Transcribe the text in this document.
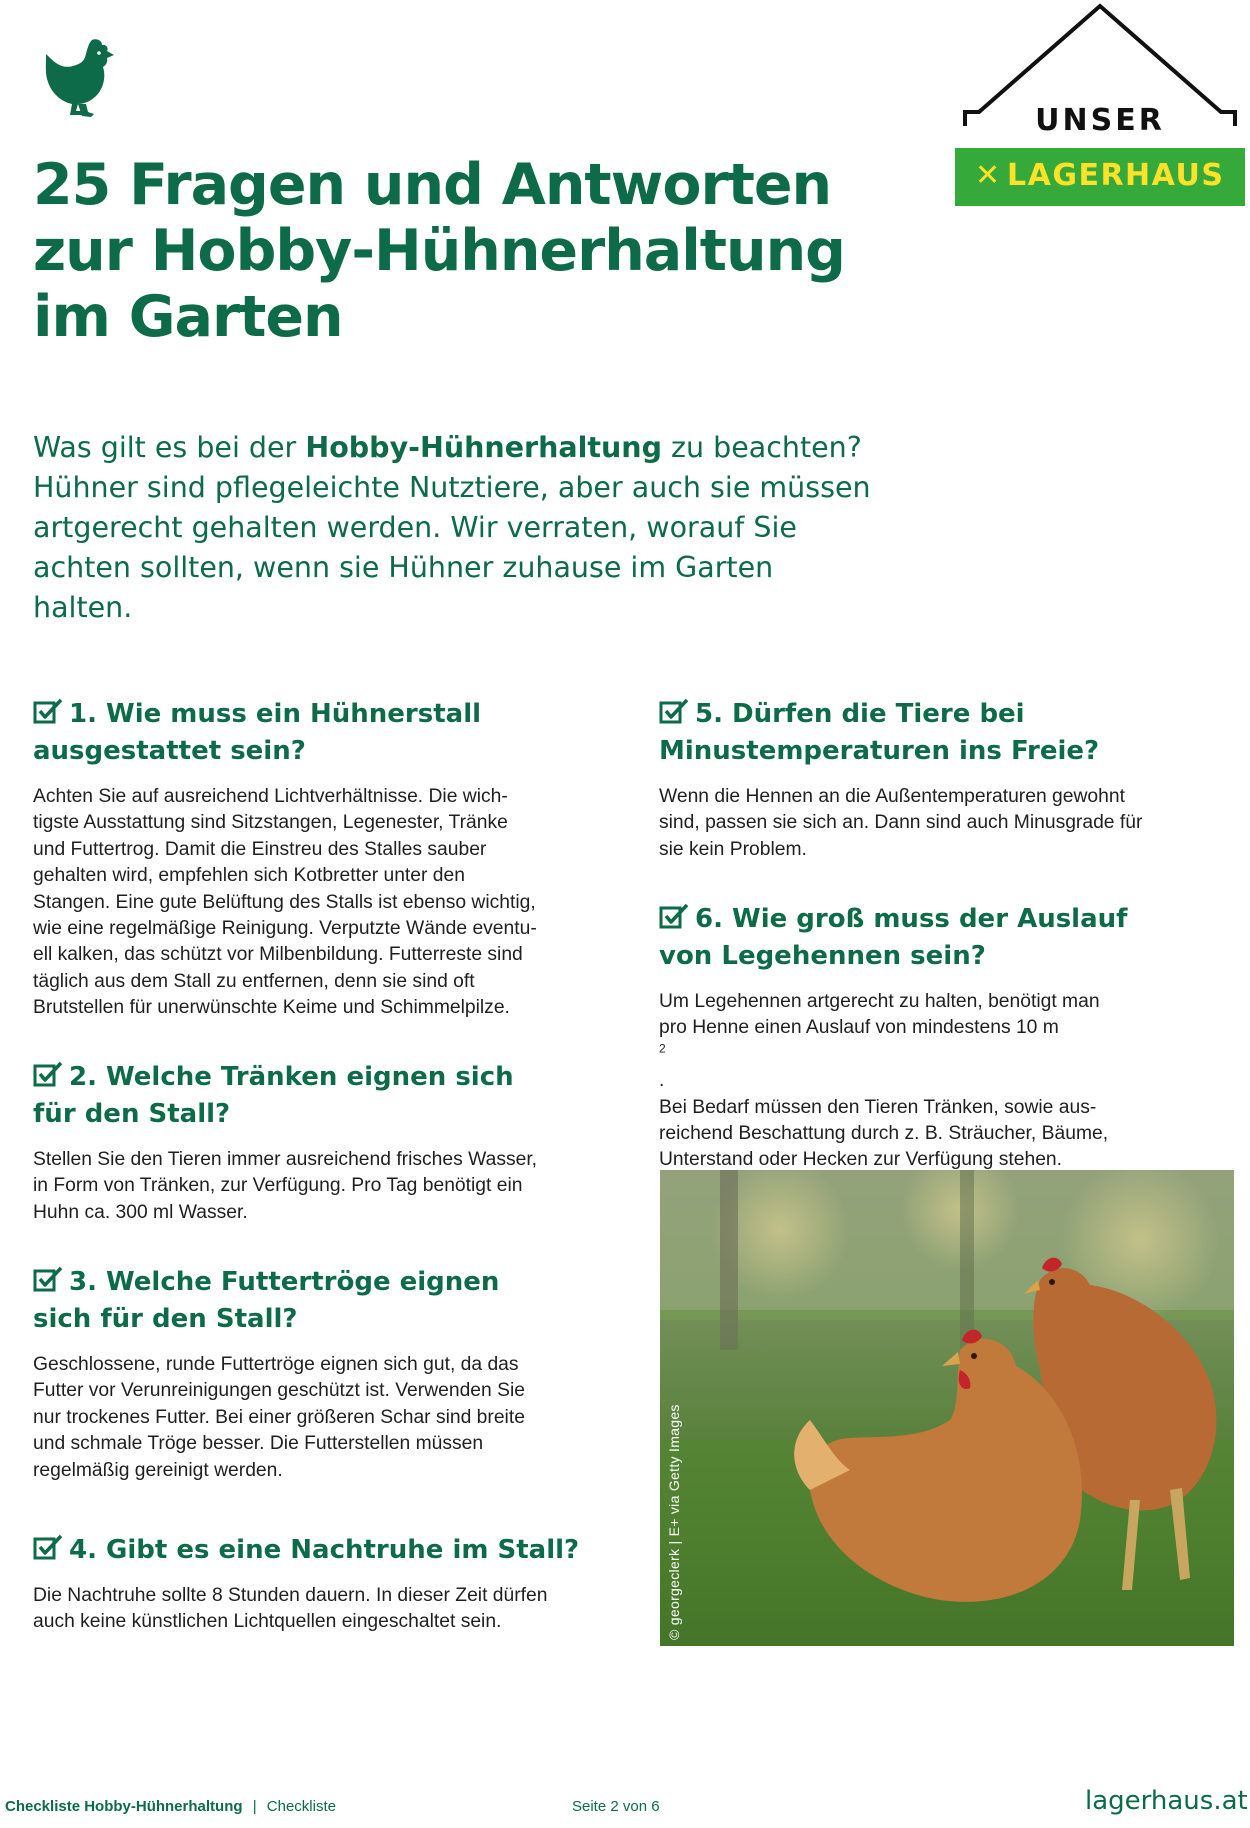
UNSER
✕ LAGERHAUS
25 Fragen und Antworten
zur Hobby-Hühnerhaltung
im Garten
Was gilt es bei der Hobby-Hühnerhaltung zu beachten? Hühner sind pflegeleichte Nutztiere, aber auch sie müssen artgerecht gehalten werden. Wir verraten, worauf Sie achten sollten, wenn sie Hühner zuhause im Garten halten.
1. Wie muss ein Hühnerstall
ausgestattet sein?

Achten Sie auf ausreichend Lichtverhältnisse. Die wich-
tigste Ausstattung sind Sitzstangen, Legenester, Tränke
und Futtertrog. Damit die Einstreu des Stalles sauber
gehalten wird, empfehlen sich Kotbretter unter den
Stangen. Eine gute Belüftung des Stalls ist ebenso wichtig,
wie eine regelmäßige Reinigung. Verputzte Wände eventu-
ell kalken, das schützt vor Milbenbildung. Futterreste sind
täglich aus dem Stall zu entfernen, denn sie sind oft
Brutstellen für unerwünschte Keime und Schimmelpilze.

2. Welche Tränken eignen sich
für den Stall?

Stellen Sie den Tieren immer ausreichend frisches Wasser,
in Form von Tränken, zur Verfügung. Pro Tag benötigt ein
Huhn ca. 300 ml Wasser.

3. Welche Futtertröge eignen
sich für den Stall?

Geschlossene, runde Futtertröge eignen sich gut, da das
Futter vor Verunreinigungen geschützt ist. Verwenden Sie
nur trockenes Futter. Bei einer größeren Schar sind breite
und schmale Tröge besser. Die Futterstellen müssen
regelmäßig gereinigt werden.

4. Gibt es eine Nachtruhe im Stall?

Die Nachtruhe sollte 8 Stunden dauern. In dieser Zeit dürfen
auch keine künstlichen Lichtquellen eingeschaltet sein.

5. Dürfen die Tiere bei
Minustemperaturen ins Freie?

Wenn die Hennen an die Außentemperaturen gewohnt
sind, passen sie sich an. Dann sind auch Minusgrade für
sie kein Problem.

6. Wie groß muss der Auslauf
von Legehennen sein?

Um Legehennen artgerecht zu halten, benötigt man
pro Henne einen Auslauf von mindestens 10 m
$^2$
.
Bei Bedarf müssen den Tieren Tränken, sowie aus-
reichend Beschattung durch z. B. Sträucher, Bäume,
Unterstand oder Hecken zur Verfügung stehen.

© georgeclerk | E+ via Getty Images
Checkliste Hobby-Hühnerhaltung | Checkliste	Seite 2 von 6	lagerhaus.at
